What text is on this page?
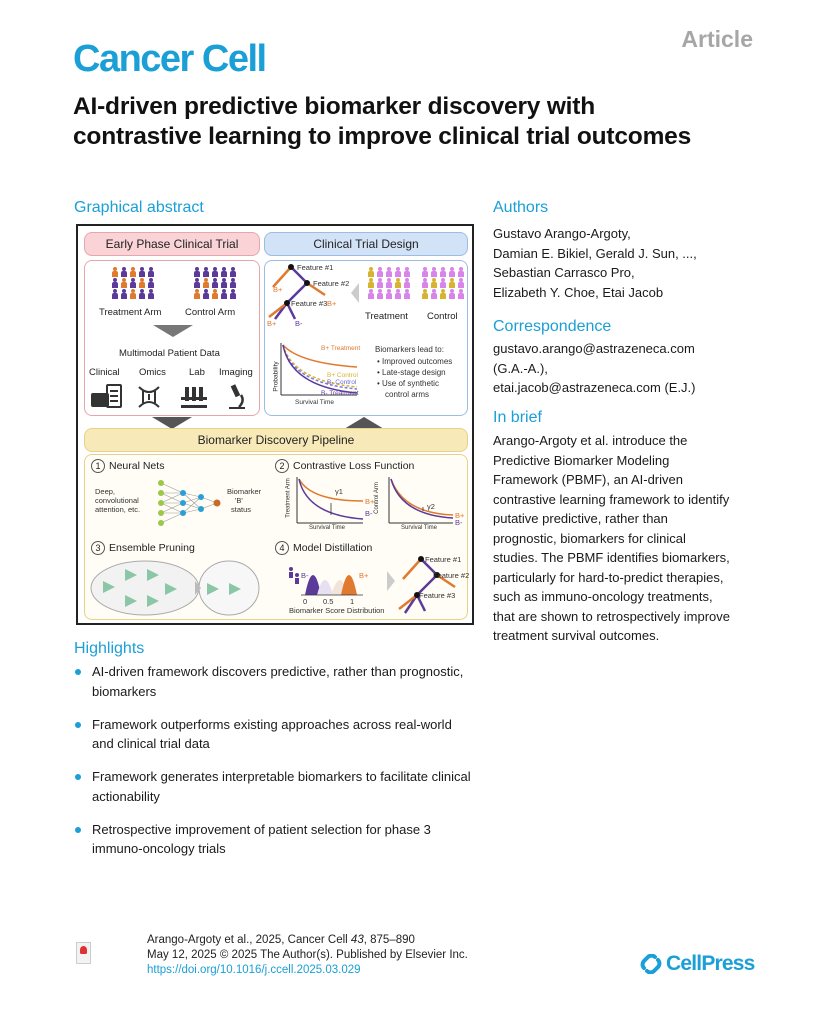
Article
Cancer Cell
AI-driven predictive biomarker discovery with contrastive learning to improve clinical trial outcomes
Graphical abstract
Early Phase Clinical Trial	Clinical Trial Design
Treatment Arm Control Arm
Multimodal Patient Data
Clinical Omics Lab Imaging
Feature #1
Feature #2
Feature #3
B+
B+
B+ B-
Treatment Control
Probability
Survival Time
B+ Treatment
B+ Control
B- Control
B- Treatment
Biomarkers lead to:
• Improved outcomes
• Late-stage design
• Use of synthetic
control arms
Biomarker Discovery Pipeline
1 Neural Nets	2 Contrastive Loss Function
3 Ensemble Pruning	4 Model Distillation
Deep,
convolutional
attention, etc.
Biomarker
'B'
status	Treatment Arm	Control Arm
Survival Time	Survival Time
γ1
γ2
B+
B-	B+
B-
B-	B+
0 0.5 1
Biomarker Score Distribution
Feature #1
Feature #2
Feature #3
Authors
Gustavo Arango-Argoty,
Damian E. Bikiel, Gerald J. Sun, ...,
Sebastian Carrasco Pro,
Elizabeth Y. Choe, Etai Jacob
Correspondence
gustavo.arango@astrazeneca.com
(G.A.-A.),
etai.jacob@astrazeneca.com (E.J.)
In brief
Arango-Argoty et al. introduce the
Predictive Biomarker Modeling
Framework (PBMF), an AI-driven
contrastive learning framework to identify
putative predictive, rather than
prognostic, biomarkers for clinical
studies. The PBMF identifies biomarkers,
particularly for hard-to-predict therapies,
such as immuno-oncology treatments,
that are shown to retrospectively improve
treatment survival outcomes.
Highlights
AI-driven framework discovers predictive, rather than prognostic, biomarkers
Framework outperforms existing approaches across real-world and clinical trial data
Framework generates interpretable biomarkers to facilitate clinical actionability
Retrospective improvement of patient selection for phase 3 immuno-oncology trials
Arango-Argoty et al., 2025, Cancer Cell 43, 875–890
May 12, 2025 © 2025 The Author(s). Published by Elsevier Inc.
https://doi.org/10.1016/j.ccell.2025.03.029	CellPress
